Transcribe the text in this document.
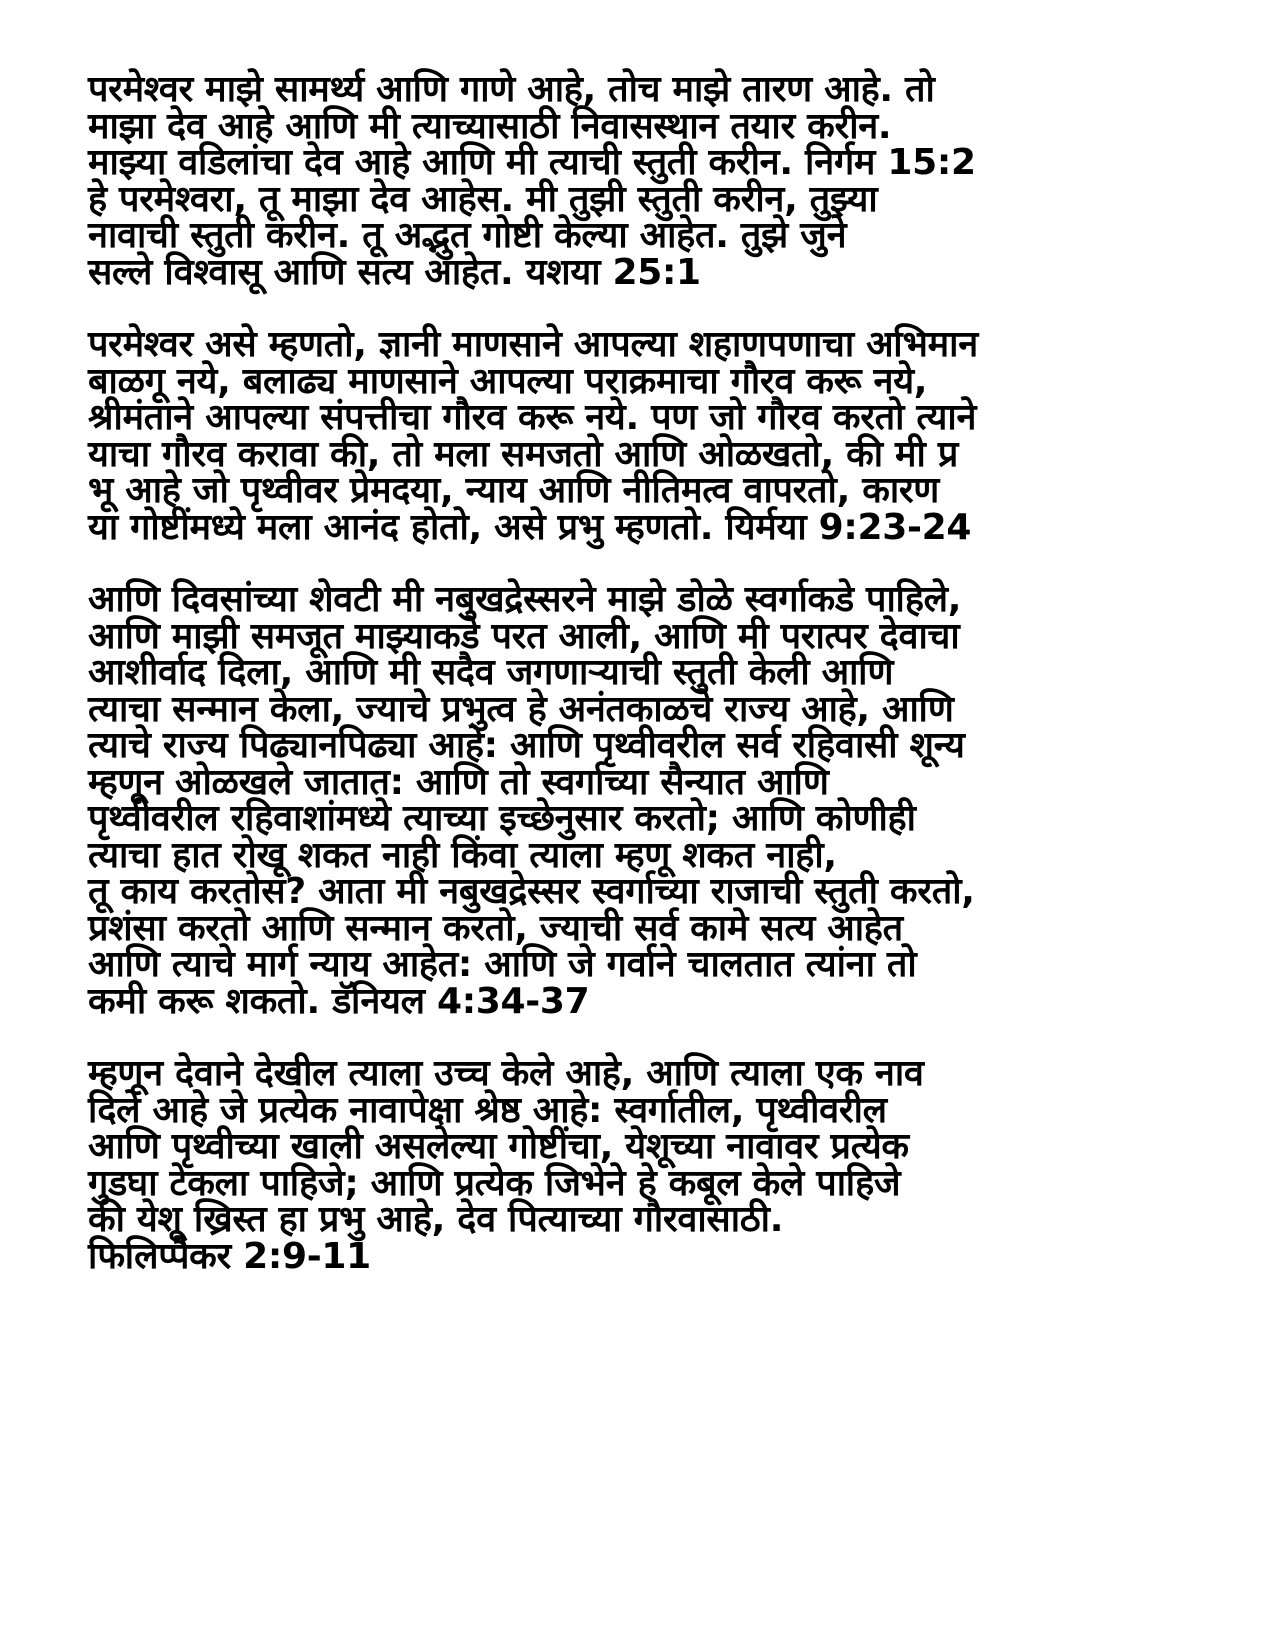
परमेश्वर माझे सामर्थ्य आणि गाणे आहे, तोच माझे तारण आहे. तो
माझा देव आहे आणि मी त्याच्यासाठी निवासस्थान तयार करीन.
माझ्या वडिलांचा देव आहे आणि मी त्याची स्तुती करीन. निर्गम 15:2
हे परमेश्वरा, तू माझा देव आहेस. मी तुझी स्तुती करीन, तुझ्या
नावाची स्तुती करीन. तू अद्भुत गोष्टी केल्या आहेत. तुझे जुने
सल्ले विश्वासू आणि सत्य आहेत. यशया 25:1
परमेश्वर असे म्हणतो, ज्ञानी माणसाने आपल्या शहाणपणाचा अभिमान
बाळगू नये, बलाढ्य माणसाने आपल्या पराक्रमाचा गौरव करू नये,
श्रीमंताने आपल्या संपत्तीचा गौरव करू नये. पण जो गौरव करतो त्याने
याचा गौरव करावा की, तो मला समजतो आणि ओळखतो, की मी प्र
भू आहे जो पृथ्वीवर प्रेमदया, न्याय आणि नीतिमत्व वापरतो, कारण
या गोष्टींमध्ये मला आनंद होतो, असे प्रभु म्हणतो. यिर्मया 9:23-24
आणि दिवसांच्या शेवटी मी नबुखद्रेस्सरने माझे डोळे स्वर्गाकडे पाहिले,
आणि माझी समजूत माझ्याकडे परत आली, आणि मी परात्पर देवाचा
आशीर्वाद दिला, आणि मी सदैव जगणाऱ्याची स्तुती केली आणि
त्याचा सन्मान केला, ज्याचे प्रभुत्व हे अनंतकाळचे राज्य आहे, आणि
त्याचे राज्य पिढ्यानपिढ्या आहे: आणि पृथ्वीवरील सर्व रहिवासी शून्य
म्हणून ओळखले जातात: आणि तो स्वर्गाच्या सैन्यात आणि
पृथ्वीवरील रहिवाशांमध्ये त्याच्या इच्छेनुसार करतो; आणि कोणीही
त्याचा हात रोखू शकत नाही किंवा त्याला म्हणू शकत नाही,
तू काय करतोस? आता मी नबुखद्रेस्सर स्वर्गाच्या राजाची स्तुती करतो,
प्रशंसा करतो आणि सन्मान करतो, ज्याची सर्व कामे सत्य आहेत
आणि त्याचे मार्ग न्याय आहेत: आणि जे गर्वाने चालतात त्यांना तो
कमी करू शकतो. डॅनियल 4:34-37
म्हणून देवाने देखील त्याला उच्च केले आहे, आणि त्याला एक नाव
दिले आहे जे प्रत्येक नावापेक्षा श्रेष्ठ आहे: स्वर्गातील, पृथ्वीवरील
आणि पृथ्वीच्या खाली असलेल्या गोष्टींचा, येशूच्या नावावर प्रत्येक
गुडघा टेकला पाहिजे; आणि प्रत्येक जिभेने हे कबूल केले पाहिजे
की येशू ख्रिस्त हा प्रभु आहे, देव पित्याच्या गौरवासाठी.
फिलिप्पैकर 2:9-11
